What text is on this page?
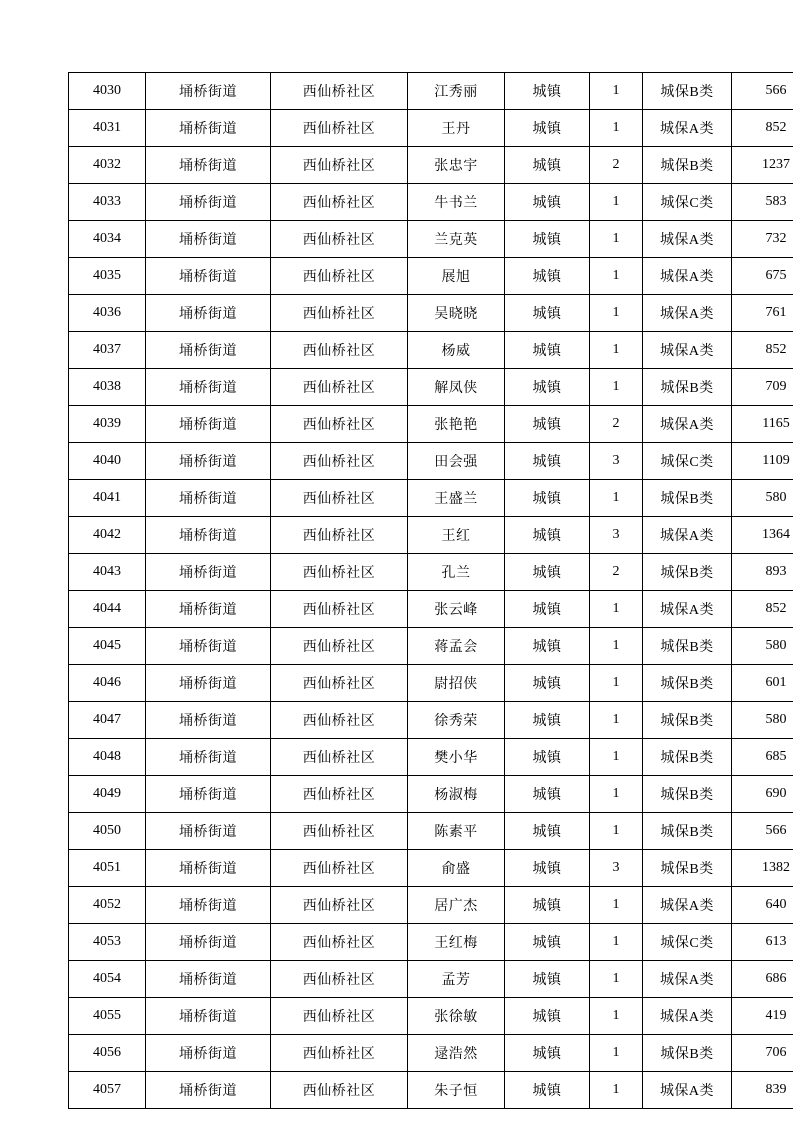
4030	埇桥街道	西仙桥社区	江秀丽	城镇	1	城保B类	566
4031	埇桥街道	西仙桥社区	王丹	城镇	1	城保A类	852
4032	埇桥街道	西仙桥社区	张忠宇	城镇	2	城保B类	1237
4033	埇桥街道	西仙桥社区	牛书兰	城镇	1	城保C类	583
4034	埇桥街道	西仙桥社区	兰克英	城镇	1	城保A类	732
4035	埇桥街道	西仙桥社区	展旭	城镇	1	城保A类	675
4036	埇桥街道	西仙桥社区	吴晓晓	城镇	1	城保A类	761
4037	埇桥街道	西仙桥社区	杨威	城镇	1	城保A类	852
4038	埇桥街道	西仙桥社区	解凤侠	城镇	1	城保B类	709
4039	埇桥街道	西仙桥社区	张艳艳	城镇	2	城保A类	1165
4040	埇桥街道	西仙桥社区	田会强	城镇	3	城保C类	1109
4041	埇桥街道	西仙桥社区	王盛兰	城镇	1	城保B类	580
4042	埇桥街道	西仙桥社区	王红	城镇	3	城保A类	1364
4043	埇桥街道	西仙桥社区	孔兰	城镇	2	城保B类	893
4044	埇桥街道	西仙桥社区	张云峰	城镇	1	城保A类	852
4045	埇桥街道	西仙桥社区	蒋孟会	城镇	1	城保B类	580
4046	埇桥街道	西仙桥社区	尉招侠	城镇	1	城保B类	601
4047	埇桥街道	西仙桥社区	徐秀荣	城镇	1	城保B类	580
4048	埇桥街道	西仙桥社区	樊小华	城镇	1	城保B类	685
4049	埇桥街道	西仙桥社区	杨淑梅	城镇	1	城保B类	690
4050	埇桥街道	西仙桥社区	陈素平	城镇	1	城保B类	566
4051	埇桥街道	西仙桥社区	俞盛	城镇	3	城保B类	1382
4052	埇桥街道	西仙桥社区	居广杰	城镇	1	城保A类	640
4053	埇桥街道	西仙桥社区	王红梅	城镇	1	城保C类	613
4054	埇桥街道	西仙桥社区	孟芳	城镇	1	城保A类	686
4055	埇桥街道	西仙桥社区	张徐敏	城镇	1	城保A类	419
4056	埇桥街道	西仙桥社区	逯浩然	城镇	1	城保B类	706
4057	埇桥街道	西仙桥社区	朱子恒	城镇	1	城保A类	839
